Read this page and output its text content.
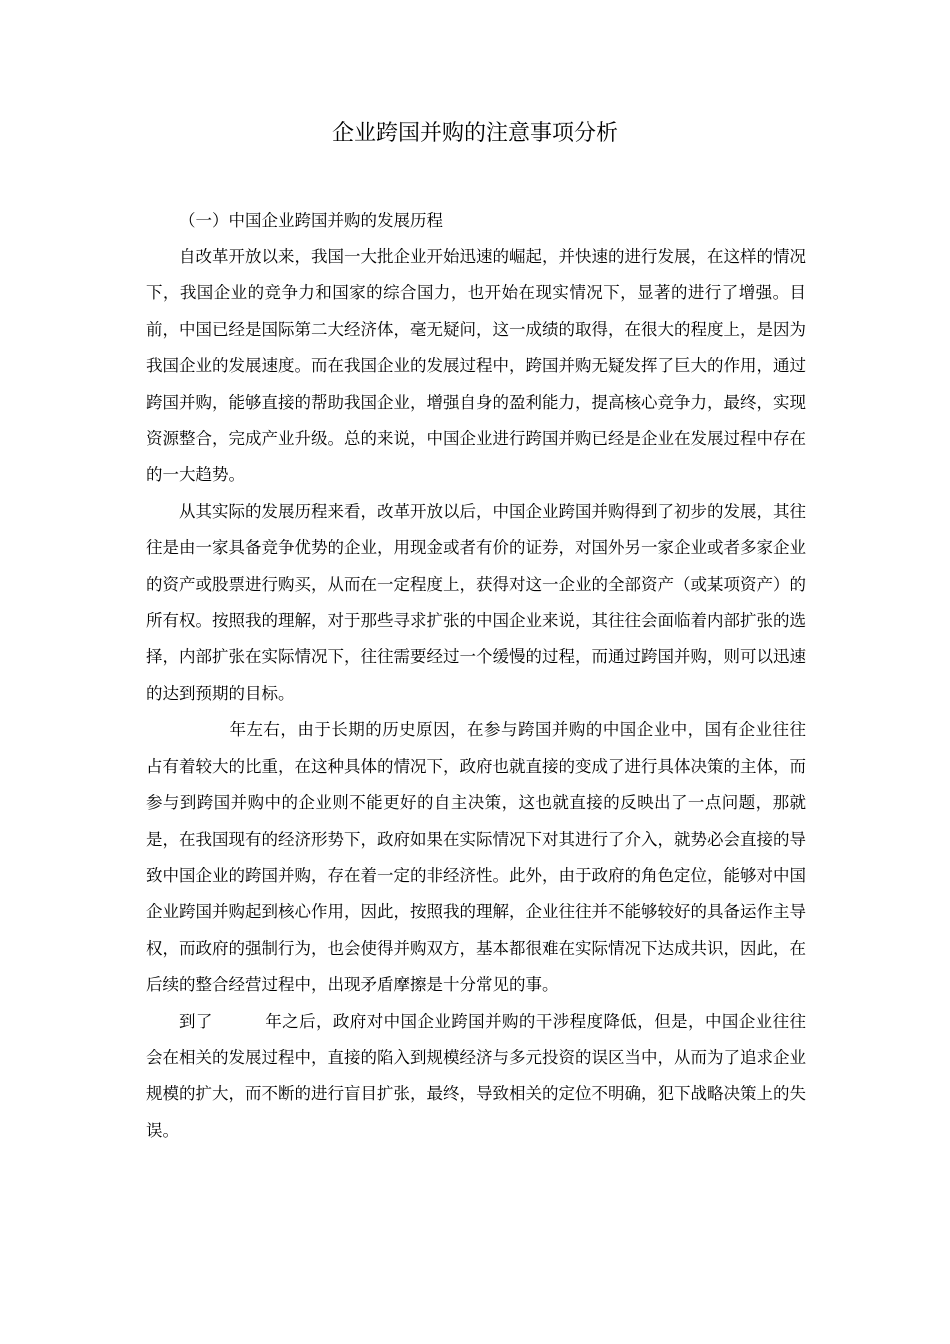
企业跨国并购的注意事项分析

（一）中国企业跨国并购的发展历程

自改革开放以来，我国一大批企业开始迅速的崛起，并快速的进行发展，在这样的情况下，我国企业的竞争力和国家的综合国力，也开始在现实情况下，显著的进行了增强。目前，中国已经是国际第二大经济体，毫无疑问，这一成绩的取得，在很大的程度上，是因为我国企业的发展速度。而在我国企业的发展过程中，跨国并购无疑发挥了巨大的作用，通过跨国并购，能够直接的帮助我国企业，增强自身的盈利能力，提高核心竞争力，最终，实现资源整合，完成产业升级。总的来说，中国企业进行跨国并购已经是企业在发展过程中存在的一大趋势。

从其实际的发展历程来看，改革开放以后，中国企业跨国并购得到了初步的发展，其往往是由一家具备竞争优势的企业，用现金或者有价的证券，对国外另一家企业或者多家企业的资产或股票进行购买，从而在一定程度上，获得对这一企业的全部资产（或某项资产）的所有权。按照我的理解，对于那些寻求扩张的中国企业来说，其往往会面临着内部扩张的选择，内部扩张在实际情况下，往往需要经过一个缓慢的过程，而通过跨国并购，则可以迅速的达到预期的目标。

年左右，由于长期的历史原因，在参与跨国并购的中国企业中，国有企业往往占有着较大的比重，在这种具体的情况下，政府也就直接的变成了进行具体决策的主体，而参与到跨国并购中的企业则不能更好的自主决策，这也就直接的反映出了一点问题，那就是，在我国现有的经济形势下，政府如果在实际情况下对其进行了介入，就势必会直接的导致中国企业的跨国并购，存在着一定的非经济性。此外，由于政府的角色定位，能够对中国企业跨国并购起到核心作用，因此，按照我的理解，企业往往并不能够较好的具备运作主导权，而政府的强制行为，也会使得并购双方，基本都很难在实际情况下达成共识，因此，在后续的整合经营过程中，出现矛盾摩擦是十分常见的事。

到了	年之后，政府对中国企业跨国并购的干涉程度降低，但是，中国企业往往会在相关的发展过程中，直接的陷入到规模经济与多元投资的误区当中，从而为了追求企业规模的扩大，而不断的进行盲目扩张，最终，导致相关的定位不明确，犯下战略决策上的失误。
